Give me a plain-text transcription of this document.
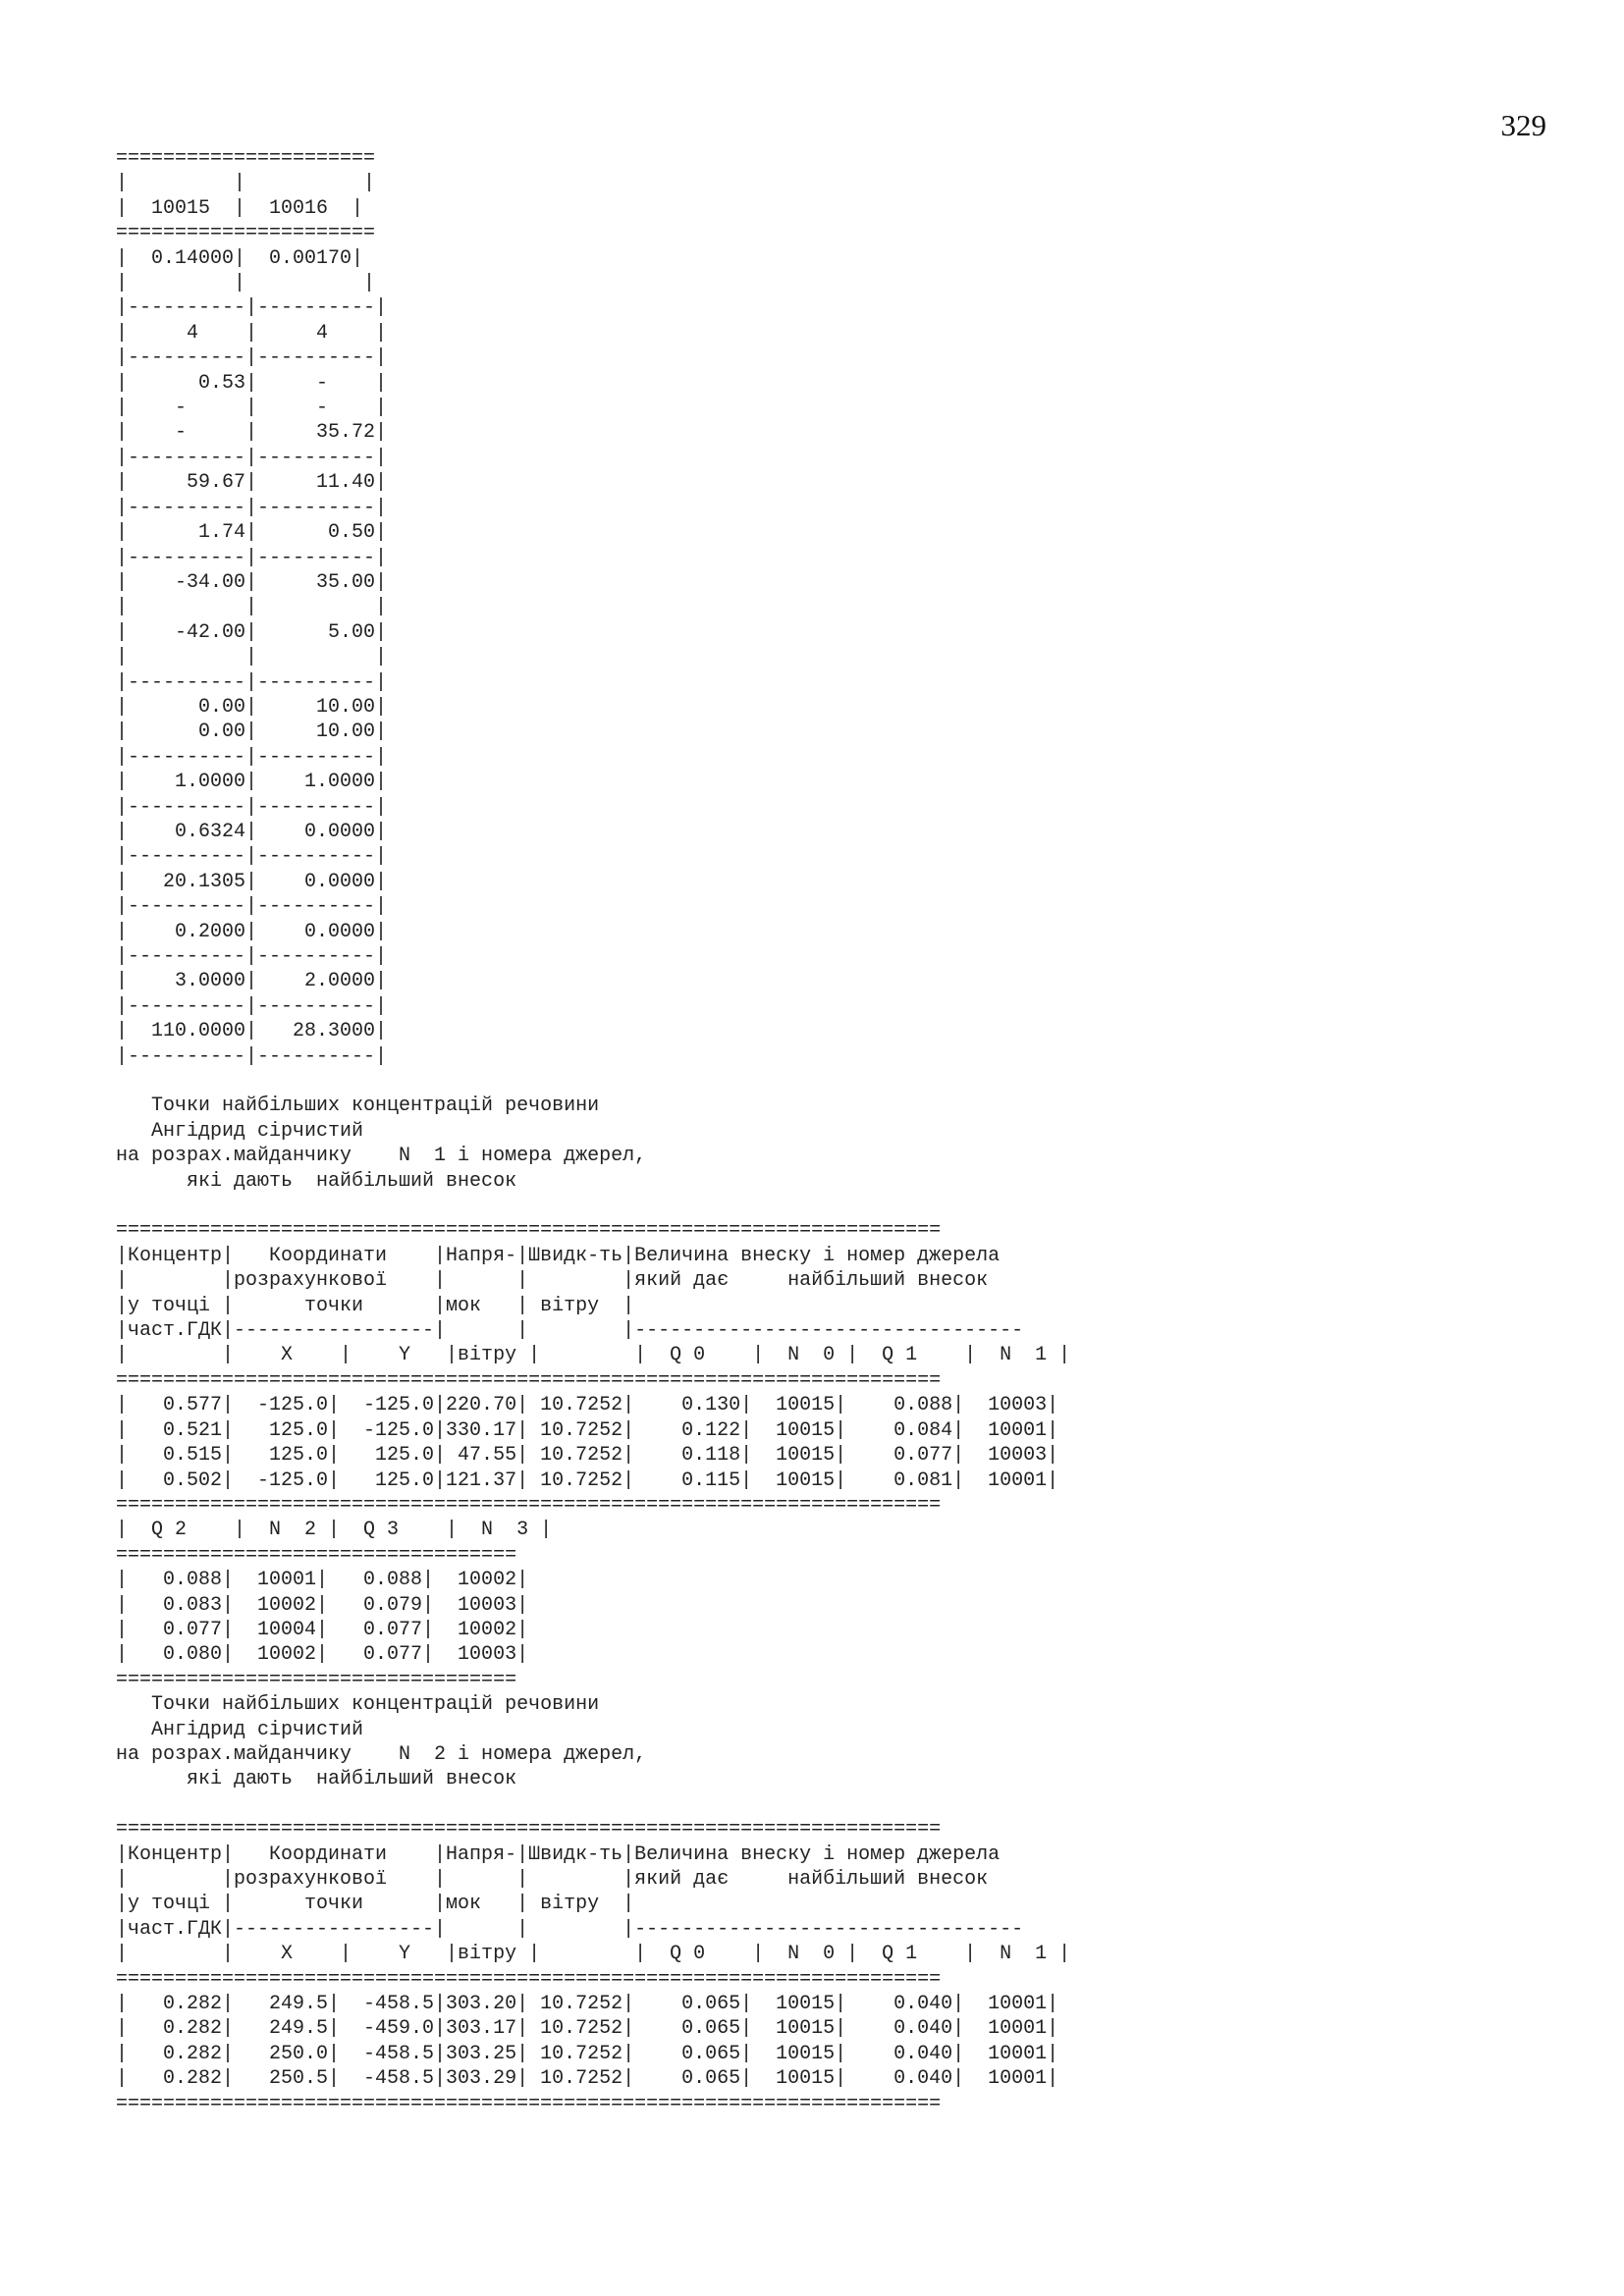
329
======================
|         |          |
|  10015  |  10016  |
======================
|  0.14000|  0.00170|
|         |          |
|----------|----------|
|     4    |     4    |
|----------|----------|
|      0.53|     -    |
|    -     |     -    |
|    -     |     35.72|
|----------|----------|
|     59.67|     11.40|
|----------|----------|
|      1.74|      0.50|
|----------|----------|
|    -34.00|     35.00|
|          |          |
|    -42.00|      5.00|
|          |          |
|----------|----------|
|      0.00|     10.00|
|      0.00|     10.00|
|----------|----------|
|    1.0000|    1.0000|
|----------|----------|
|    0.6324|    0.0000|
|----------|----------|
|   20.1305|    0.0000|
|----------|----------|
|    0.2000|    0.0000|
|----------|----------|
|    3.0000|    2.0000|
|----------|----------|
|  110.0000|   28.3000|
|----------|----------|
Точки найбільших концентрацій речовини
Ангідрид сірчистий
на розрах.майданчику    N  1 і номера джерел,
які дають  найбільший внесок
======================================================================
|Концентр|   Координати    |Напря-|Швидк-ть|Величина внеску і номер джерела
|        |розрахункової    |      |        |який дає     найбільший внесок
|у точці |      точки      |мок   | вітру  |
|част.ГДК|-----------------|      |        |---------------------------------
|        |    X    |    Y   |вітру |        |  Q 0    |  N  0 |  Q 1    |  N  1 |
======================================================================
|   0.577|  -125.0|  -125.0|220.70| 10.7252|    0.130|  10015|    0.088|  10003|
|   0.521|   125.0|  -125.0|330.17| 10.7252|    0.122|  10015|    0.084|  10001|
|   0.515|   125.0|   125.0| 47.55| 10.7252|    0.118|  10015|    0.077|  10003|
|   0.502|  -125.0|   125.0|121.37| 10.7252|    0.115|  10015|    0.081|  10001|
======================================================================
|  Q 2    |  N  2 |  Q 3    |  N  3 |
==================================
|   0.088|  10001|   0.088|  10002|
|   0.083|  10002|   0.079|  10003|
|   0.077|  10004|   0.077|  10002|
|   0.080|  10002|   0.077|  10003|
==================================
Точки найбільших концентрацій речовини
Ангідрид сірчистий
на розрах.майданчику    N  2 і номера джерел,
які дають  найбільший внесок
======================================================================
|Концентр|   Координати    |Напря-|Швидк-ть|Величина внеску і номер джерела
|        |розрахункової    |      |        |який дає     найбільший внесок
|у точці |      точки      |мок   | вітру  |
|част.ГДК|-----------------|      |        |---------------------------------
|        |    X    |    Y   |вітру |        |  Q 0    |  N  0 |  Q 1    |  N  1 |
======================================================================
|   0.282|   249.5|  -458.5|303.20| 10.7252|    0.065|  10015|    0.040|  10001|
|   0.282|   249.5|  -459.0|303.17| 10.7252|    0.065|  10015|    0.040|  10001|
|   0.282|   250.0|  -458.5|303.25| 10.7252|    0.065|  10015|    0.040|  10001|
|   0.282|   250.5|  -458.5|303.29| 10.7252|    0.065|  10015|    0.040|  10001|
======================================================================
